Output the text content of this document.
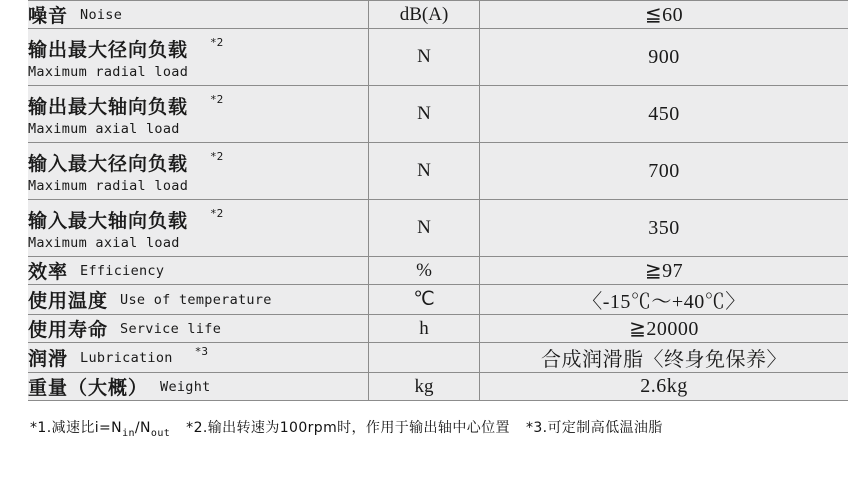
噪音 Noise	dB(A)	≦60
输出最大径向负载 $^{*2}$
Maximum radial load	N	900
输出最大轴向负载 $^{*2}$
Maximum axial load	N	450
输入最大径向负载 $^{*2}$
Maximum radial load	N	700
输入最大轴向负载 $^{*2}$
Maximum axial load	N	350
效率 Efficiency	%	≧97
使用温度 Use of temperature	℃	〈-15℃～+40℃〉
使用寿命 Service life	h	≧20000
润滑 Lubrication $^{*3}$		合成润滑脂〈终身免保养〉
重量（大概） Weight	kg	2.6kg
*1.减速比$i=N_{in}/N_{out}$ *2.输出转速为100rpm时，作用于输出轴中心位置 *3.可定制高低温油脂
